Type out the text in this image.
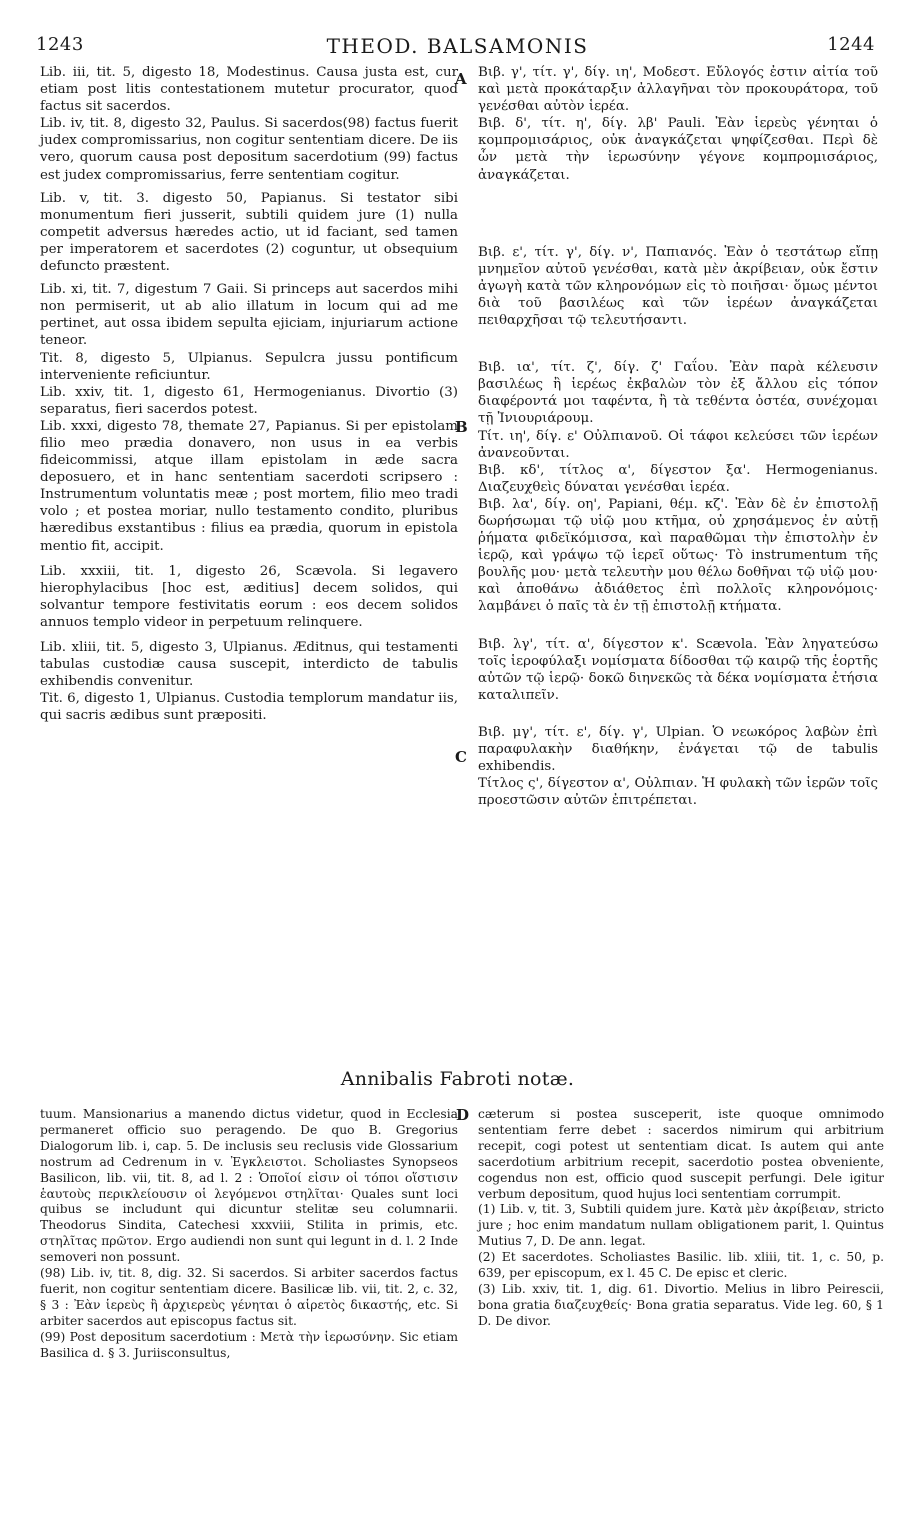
1243	THEOD. BALSAMONIS	1244

Lib. iii, tit. 5, digesto 18, Modestinus. Causa justa est, cur etiam post litis contestationem mutetur procurator, quod factus sit sacerdos.

Lib. iv, tit. 8, digesto 32, Paulus. Si sacerdos(98) factus fuerit judex compromissarius, non cogitur sententiam dicere. De iis vero, quorum causa post depositum sacerdotium (99) factus est judex compromissarius, ferre sententiam cogitur.

Lib. v, tit. 3. digesto 50, Papianus. Si testator sibi monumentum fieri jusserit, subtili quidem jure (1) nulla competit adversus hæredes actio, ut id faciant, sed tamen per imperatorem et sacerdotes (2) coguntur, ut obsequium defuncto præstent.

Lib. xi, tit. 7, digestum 7 Gaii. Si princeps aut sacerdos mihi non permiserit, ut ab alio illatum in locum qui ad me pertinet, aut ossa ibidem sepulta ejiciam, injuriarum actione teneor.

Tit. 8, digesto 5, Ulpianus. Sepulcra jussu pontificum interveniente reficiuntur.

Lib. xxiv, tit. 1, digesto 61, Hermogenianus. Divortio (3) separatus, fieri sacerdos potest.

Lib. xxxi, digesto 78, themate 27, Papianus. Si per epistolam filio meo prædia donavero, non usus in ea verbis fideicommissi, atque illam epistolam in æde sacra deposuero, et in hanc sententiam sacerdoti scripsero : Instrumentum voluntatis meæ ; post mortem, filio meo tradi volo ; et postea moriar, nullo testamento condito, pluribus hæredibus exstantibus : filius ea prædia, quorum in epistola mentio fit, accipit.

Lib. xxxiii, tit. 1, digesto 26, Scævola. Si legavero hierophylacibus [hoc est, æditius] decem solidos, qui solvantur tempore festivitatis eorum : eos decem solidos annuos templo videor in perpetuum relinquere.

Lib. xliii, tit. 5, digesto 3, Ulpianus. Æditnus, qui testamenti tabulas custodiæ causa suscepit, interdicto de tabulis exhibendis convenitur.

Tit. 6, digesto 1, Ulpianus. Custodia templorum mandatur iis, qui sacris ædibus sunt præpositi.

Βιβ. γ', τίτ. γ', δίγ. ιη', Μοδεστ. Εὔλογός ἐστιν αἰτία τοῦ καὶ μετὰ προκάταρξιν ἀλλαγῆναι τὸν προκουράτορα, τοῦ γενέσθαι αὐτὸν ἱερέα.

Βιβ. δ', τίτ. η', δίγ. λβ' Pauli. Ἐὰν ἱερεὺς γένηται ὁ κομπρομισάριος, οὐκ ἀναγκάζεται ψηφίζεσθαι. Περὶ δὲ ὧν μετὰ τὴν ἱερωσύνην γέγονε κομπρομισάριος, ἀναγκάζεται.

Βιβ. ε', τίτ. γ', δίγ. ν', Παπιανός. Ἐὰν ὁ τεστάτωρ εἴπῃ μνημεῖον αὐτοῦ γενέσθαι, κατὰ μὲν ἀκρίβειαν, οὐκ ἔστιν ἀγωγὴ κατὰ τῶν κληρονόμων εἰς τὸ ποιῆσαι· ὅμως μέντοι διὰ τοῦ βασιλέως καὶ τῶν ἱερέων ἀναγκάζεται πειθαρχῆσαι τῷ τελευτήσαντι.

Βιβ. ια', τίτ. ζ', δίγ. ζ' Γαΐου. Ἐὰν παρὰ κέλευσιν βασιλέως ἢ ἱερέως ἐκβαλὼν τὸν ἐξ ἄλλου εἰς τόπον διαφέροντά μοι ταφέντα, ἢ τὰ τεθέντα ὀστέα, συνέχομαι τῇ Ἰνιουριάρουμ.

Τίτ. ιη', δίγ. ε' Οὐλπιανοῦ. Οἱ τάφοι κελεύσει τῶν ἱερέων ἀνανεοῦνται.

Βιβ. κδ', τίτλος α', δίγεστον ξα'. Hermogenianus. Διαζευχθεὶς δύναται γενέσθαι ἱερέα.

Βιβ. λα', δίγ. οη', Papiani, θέμ. κζ'. Ἐὰν δὲ ἐν ἐπιστολῇ δωρήσωμαι τῷ υἱῷ μου κτῆμα, οὐ χρησάμενος ἐν αὐτῇ ῥήματα φιδεϊκόμισσα, καὶ παραθῶμαι τὴν ἐπιστολὴν ἐν ἱερῷ, καὶ γράψω τῷ ἱερεῖ οὕτως· Τὸ instrumentum τῆς βουλῆς μου· μετὰ τελευτὴν μου θέλω δοθῆναι τῷ υἱῷ μου· καὶ ἀποθάνω ἀδιάθετος ἐπὶ πολλοῖς κληρονόμοις· λαμβάνει ὁ παῖς τὰ ἐν τῇ ἐπιστολῇ κτήματα.

Βιβ. λγ', τίτ. α', δίγεστον κ'. Scævola. Ἐὰν ληγατεύσω τοῖς ἱεροφύλαξι νομίσματα δίδοσθαι τῷ καιρῷ τῆς ἑορτῆς αὐτῶν τῷ ἱερῷ· δοκῶ διηνεκῶς τὰ δέκα νομίσματα ἐτήσια καταλιπεῖν.

Βιβ. μγ', τίτ. ε', δίγ. γ', Ulpian. Ὁ νεωκόρος λαβὼν ἐπὶ παραφυλακὴν διαθήκην, ἐνάγεται τῷ de tabulis exhibendis.

Τίτλος ς', δίγεστον α', Οὐλπιαν. Ἡ φυλακὴ τῶν ἱερῶν τοῖς προεστῶσιν αὐτῶν ἐπιτρέπεται.

A
B
C
D
Annibalis Fabroti notæ.

tuum. Mansionarius a manendo dictus videtur, quod in Ecclesia permaneret officio suo peragendo. De quo B. Gregorius Dialogorum lib. i, cap. 5. De inclusis seu reclusis vide Glossarium nostrum ad Cedrenum in v. Ἐγκλειστοι. Scholiastes Synopseos Basilicon, lib. vii, tit. 8, ad l. 2 : Ὁποῖοί εἰσιν οἱ τόποι οἵστισιν ἑαυτοὺς περικλείουσιν οἱ λεγόμενοι στηλῖται· Quales sunt loci quibus se includunt qui dicuntur stelitæ seu columnarii. Theodorus Sindita, Catechesi xxxviii, Stilita in primis, etc. στηλῖτας πρῶτον. Ergo audiendi non sunt qui legunt in d. l. 2 Inde semoveri non possunt.

(98) Lib. iv, tit. 8, dig. 32. Si sacerdos. Si arbiter sacerdos factus fuerit, non cogitur sententiam dicere. Basilicæ lib. vii, tit. 2, c. 32, § 3 : Ἐὰν ἱερεὺς ἢ ἀρχιερεὺς γένηται ὁ αἱρετὸς δικαστής, etc. Si arbiter sacerdos aut episcopus factus sit.

(99) Post depositum sacerdotium : Μετὰ τὴν ἱερωσύνην. Sic etiam Basilica d. § 3. Juriisconsultus,

cæterum si postea susceperit, iste quoque omnimodo sententiam ferre debet : sacerdos nimirum qui arbitrium recepit, cogi potest ut sententiam dicat. Is autem qui ante sacerdotium arbitrium recepit, sacerdotio postea obveniente, cogendus non est, officio quod suscepit perfungi. Dele igitur verbum depositum, quod hujus loci sententiam corrumpit.

(1) Lib. v, tit. 3, Subtili quidem jure. Κατὰ μὲν ἀκρίβειαν, stricto jure ; hoc enim mandatum nullam obligationem parit, l. Quintus Mutius 7, D. De ann. legat.

(2) Et sacerdotes. Scholiastes Basilic. lib. xliii, tit. 1, c. 50, p. 639, per episcopum, ex l. 45 C. De episc et cleric.

(3) Lib. xxiv, tit. 1, dig. 61. Divortio. Melius in libro Peirescii, bona gratia διαζευχθείς· Bona gratia separatus. Vide leg. 60, § 1 D. De divor.
